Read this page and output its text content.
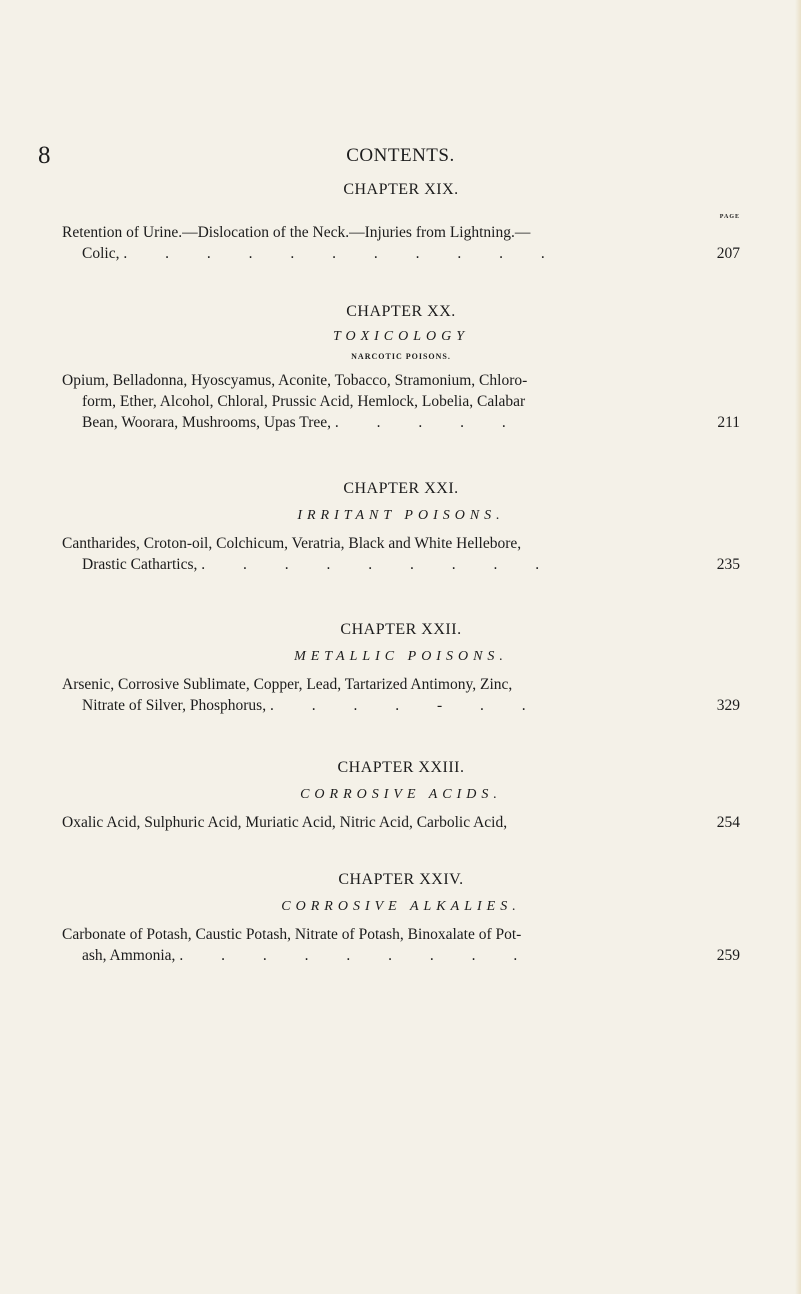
8	CONTENTS.

CHAPTER XIX.

PAGE

Retention of Urine.—Dislocation of the Neck.—Injuries from Lightning.—
Colic, . . . . . . . . . . .	207

CHAPTER XX.

TOXICOLOGY

NARCOTIC POISONS.

Opium, Belladonna, Hyoscyamus, Aconite, Tobacco, Stramonium, Chloro-
form, Ether, Alcohol, Chloral, Prussic Acid, Hemlock, Lobelia, Calabar
Bean, Woorara, Mushrooms, Upas Tree, . . . . .	211

CHAPTER XXI.

IRRITANT POISONS.

Cantharides, Croton-oil, Colchicum, Veratria, Black and White Hellebore,
Drastic Cathartics, . . . . . . . . .	235

CHAPTER XXII.

METALLIC POISONS.

Arsenic, Corrosive Sublimate, Copper, Lead, Tartarized Antimony, Zinc,
Nitrate of Silver, Phosphorus, . . . . - . .	329

CHAPTER XXIII.

CORROSIVE ACIDS.

Oxalic Acid, Sulphuric Acid, Muriatic Acid, Nitric Acid, Carbolic Acid,	254

CHAPTER XXIV.

CORROSIVE ALKALIES.

Carbonate of Potash, Caustic Potash, Nitrate of Potash, Binoxalate of Pot-
ash, Ammonia, . . . . . . . . .	259
